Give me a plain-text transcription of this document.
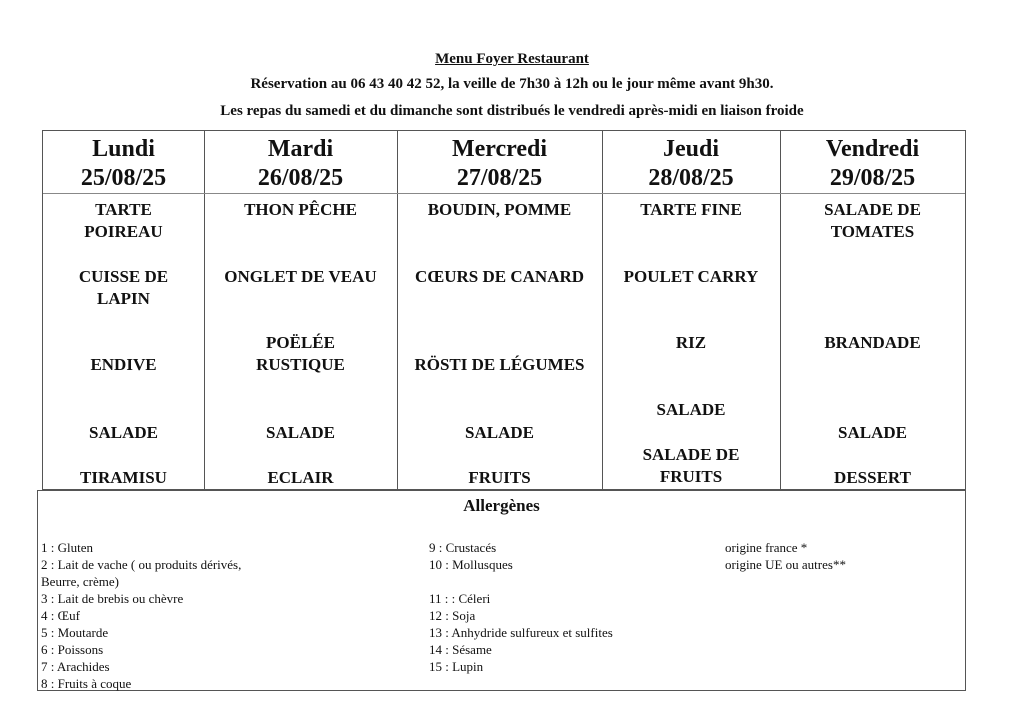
Menu Foyer Restaurant
Réservation au 06 43 40 42 52, la veille de 7h30 à 12h ou le jour même avant 9h30.
Les repas du samedi et du dimanche sont distribués le vendredi après-midi en liaison froide
Lundi
25/08/25
Mardi
26/08/25
Mercredi
27/08/25
Jeudi
28/08/25
Vendredi
29/08/25
TARTE
POIREAU
CUISSE DE
LAPIN
ENDIVE
SALADE
TIRAMISU
THON PÊCHE
ONGLET DE VEAU
POËLÉE
RUSTIQUE
SALADE
ECLAIR
BOUDIN, POMME
CŒURS DE CANARD
RÖSTI DE LÉGUMES
SALADE
FRUITS
TARTE FINE
POULET CARRY
RIZ
SALADE
SALADE DE
FRUITS
SALADE DE
TOMATES

BRANDADE
SALADE
DESSERT
Allergènes
1 : Gluten
2 : Lait de vache ( ou produits dérivés,
Beurre, crème)
3 : Lait de brebis ou chèvre
4 : Œuf
5 : Moutarde
6 : Poissons
7 : Arachides
8 : Fruits à coque
9 : Crustacés
10 : Mollusques

11 : : Céleri
12 : Soja
13 : Anhydride sulfureux et sulfites
14 : Sésame
15 : Lupin
origine france *
origine UE ou autres**
